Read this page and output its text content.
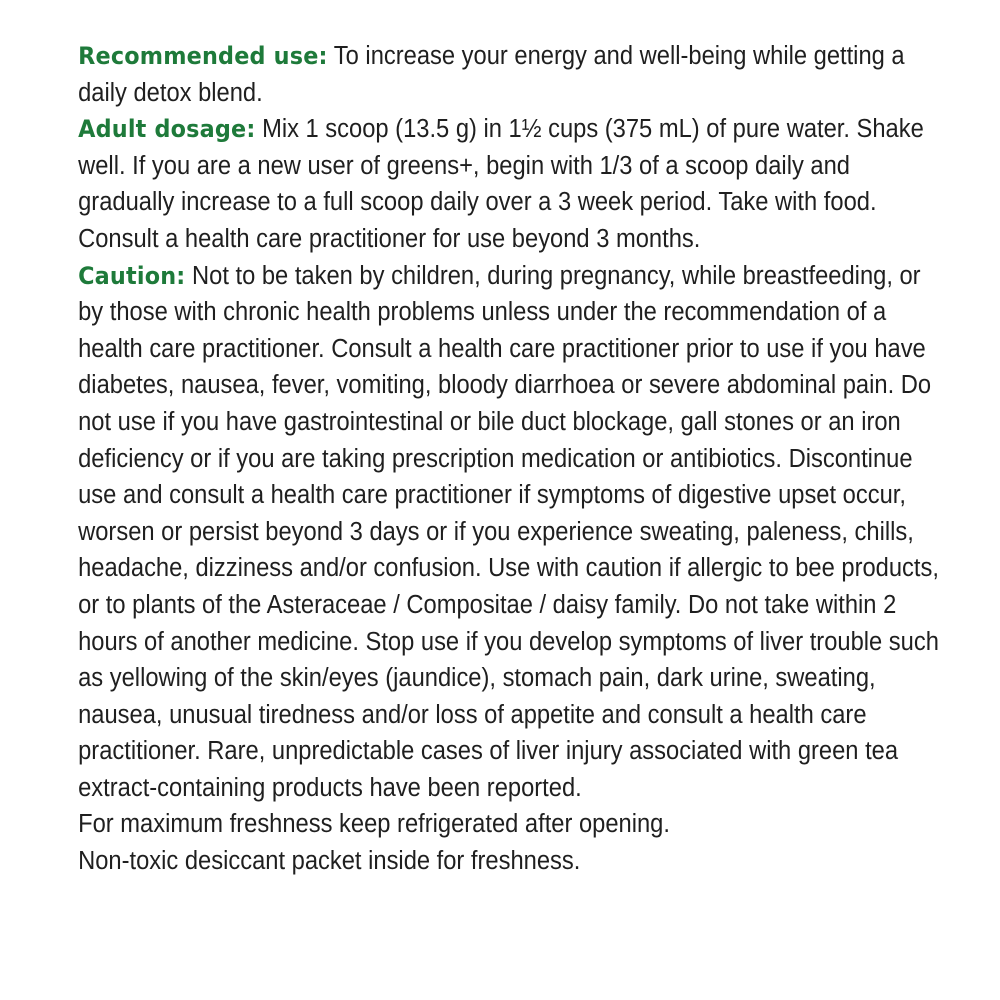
Recommended use: To increase your energy and well-being while getting a daily detox blend.

Adult dosage: Mix 1 scoop (13.5 g) in 1½ cups (375 mL) of pure water. Shake well. If you are a new user of greens+, begin with 1/3 of a scoop daily and gradually increase to a full scoop daily over a 3 week period. Take with food. Consult a health care practitioner for use beyond 3 months.

Caution: Not to be taken by children, during pregnancy, while breastfeeding, or by those with chronic health problems unless under the recommendation of a health care practitioner. Consult a health care practitioner prior to use if you have diabetes, nausea, fever, vomiting, bloody diarrhoea or severe abdominal pain. Do not use if you have gastrointestinal or bile duct blockage, gall stones or an iron deficiency or if you are taking prescription medication or antibiotics. Discontinue use and consult a health care practitioner if symptoms of digestive upset occur, worsen or persist beyond 3 days or if you experience sweating, paleness, chills, headache, dizziness and/or confusion. Use with caution if allergic to bee products, or to plants of the Asteraceae / Compositae / daisy family. Do not take within 2 hours of another medicine. Stop use if you develop symptoms of liver trouble such as yellowing of the skin/eyes (jaundice), stomach pain, dark urine, sweating, nausea, unusual tiredness and/or loss of appetite and consult a health care practitioner. Rare, unpredictable cases of liver injury associated with green tea extract-containing products have been reported.

For maximum freshness keep refrigerated after opening.

Non-toxic desiccant packet inside for freshness.
